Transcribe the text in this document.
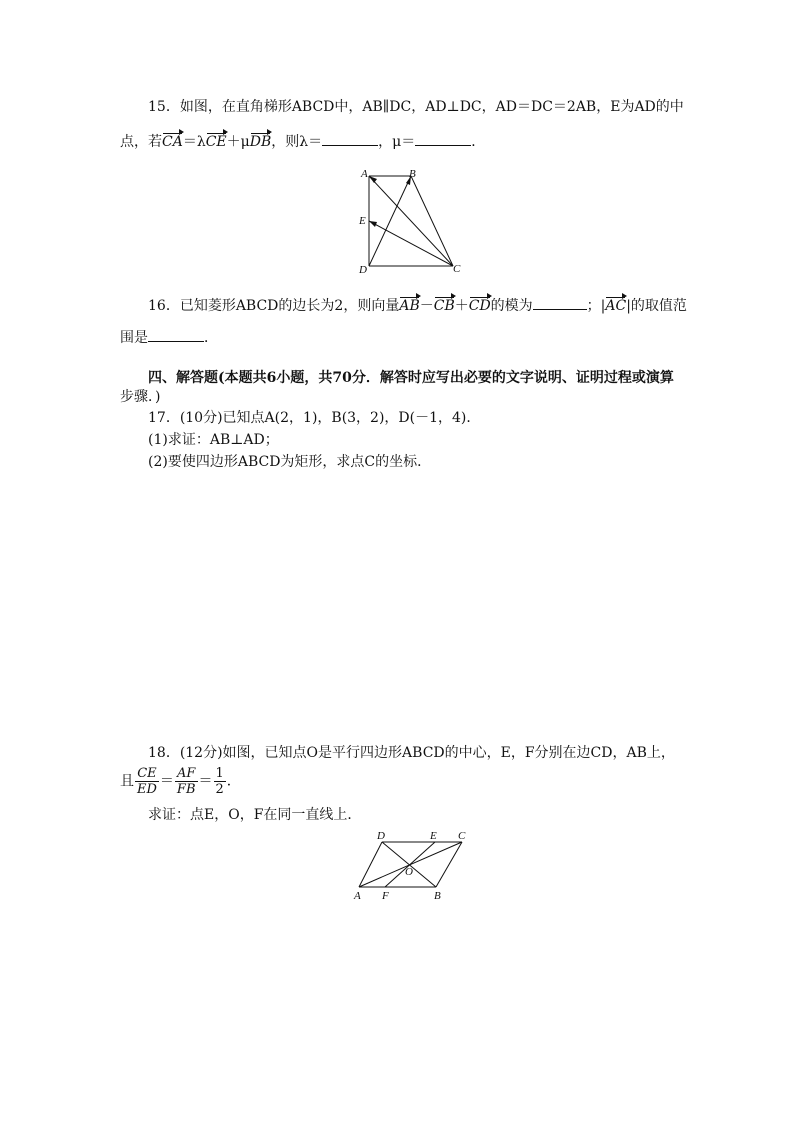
15．如图，在直角梯形ABCD中，AB∥DC，AD⊥DC，AD＝DC＝2AB，E为AD的中
点，若CA＝λCE＋μDB，则λ＝	，μ＝	．
A	B
C
D
E
16．已知菱形ABCD的边长为2，则向量AB－CB＋CD的模为	；|AC|的取值范
围是	．
四、解答题(本题共6小题，共70分．解答时应写出必要的文字说明、证明过程或演算
步骤．)
17．(10分)已知点A(2，1)，B(3，2)，D(－1，4)．
(1)求证：AB⊥AD；
(2)要使四边形ABCD为矩形，求点C的坐标．
18．(12分)如图，已知点O是平行四边形ABCD的中心，E，F分别在边CD，AB上，
且 $\frac{CE}{ED} = \frac{AF}{FB} = \frac{1}{2}$ ．
求证：点E，O，F在同一直线上．
D	E C
O
A F	B
